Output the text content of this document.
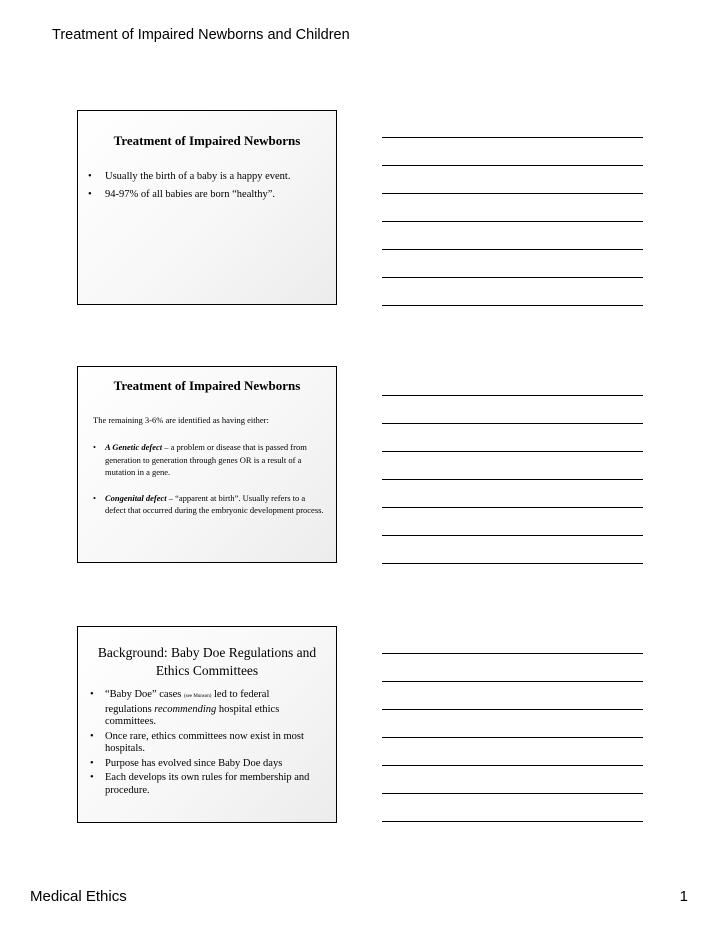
Treatment of Impaired Newborns and Children

Treatment of Impaired Newborns

• Usually the birth of a baby is a happy event.
• 94-97% of all babies are born “healthy”.

Treatment of Impaired Newborns

The remaining 3-6% are identified as having either:
• A Genetic defect – a problem or disease that is passed from generation to generation through genes OR is a result of a mutation in a gene.
• Congenital defect – “apparent at birth”. Usually refers to a defect that occurred during the embryonic development process.

Background: Baby Doe Regulations and Ethics Committees

• “Baby Doe” cases (see Munson) led to federal regulations recommending hospital ethics committees.
• Once rare, ethics committees now exist in most hospitals.
• Purpose has evolved since Baby Doe days
• Each develops its own rules for membership and procedure.
Medical Ethics	1
